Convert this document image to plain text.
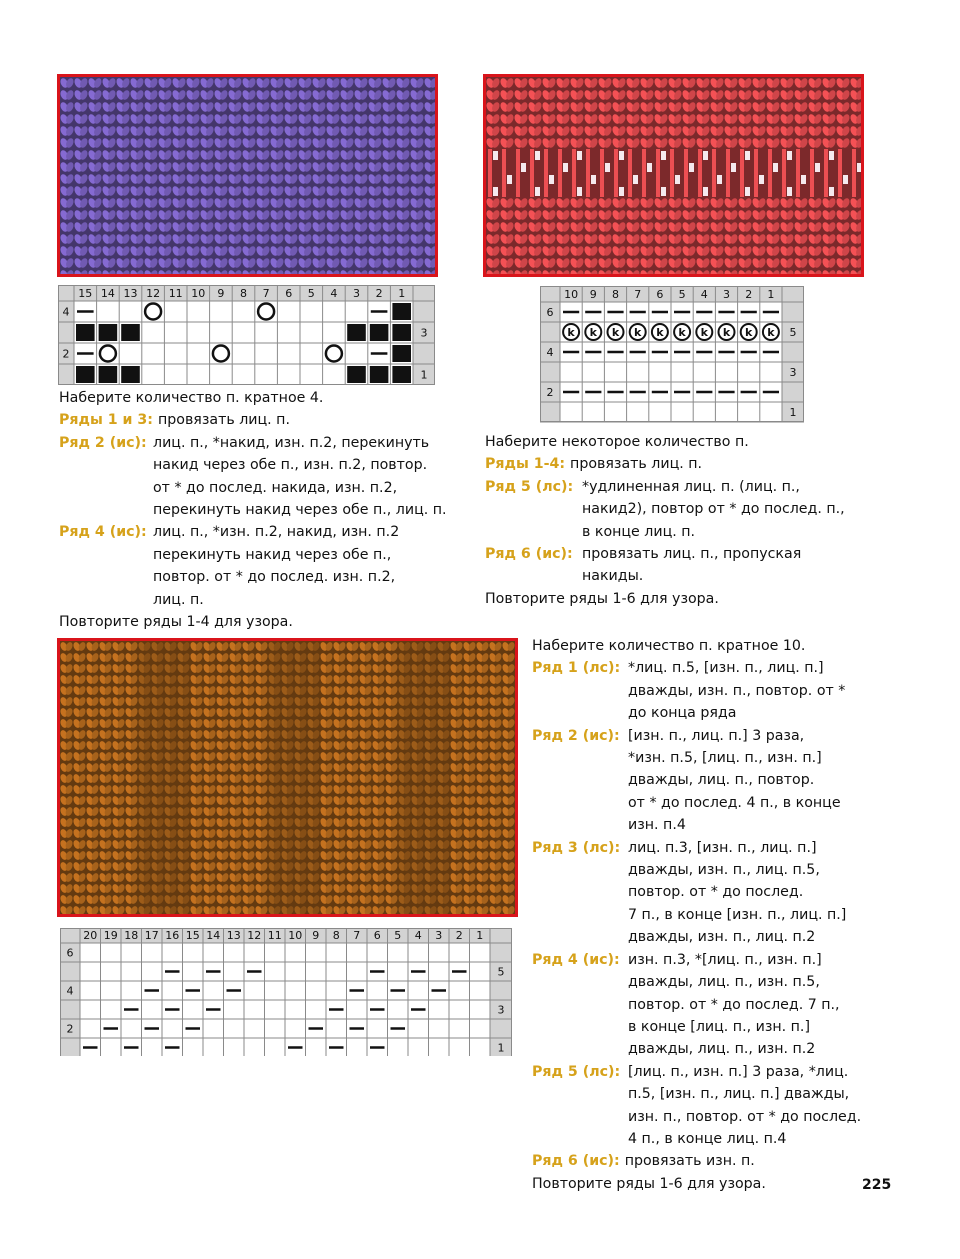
15 14 13 12 11 10 9 8 7 6 5 4 3 2 1
4
3
2
1
10 9 8 7 6 5 4 3 2 1
6
5
k k k k k k k k k k
4
3
2
1
20 19 18 17 16 15 14 13 12 11 10 9 8 7 6 5 4 3 2 1
6
5
4
3
2
1
Наберите количество п. кратное 4.
Ряды 1 и 3: провязать лиц. п.
Ряд 2 (ис): лиц. п., *накид, изн. п.2, перекинуть
накид через обе п., изн. п.2, повтор.
от * до послед. накида, изн. п.2,
перекинуть накид через обе п., лиц. п.
Ряд 4 (ис): лиц. п., *изн. п.2, накид, изн. п.2
перекинуть накид через обе п.,
повтор. от * до послед. изн. п.2,
лиц. п.
Повторите ряды 1-4 для узора.
Наберите некоторое количество п.
Ряды 1-4: провязать лиц. п.
Ряд 5 (лс): *удлиненная лиц. п. (лиц. п.,
накид2), повтор от * до послед. п.,
в конце лиц. п.
Ряд 6 (ис): провязать лиц. п., пропуская
накиды.
Повторите ряды 1-6 для узора.
Наберите количество п. кратное 10.
Ряд 1 (лс): *лиц. п.5, [изн. п., лиц. п.]
дважды, изн. п., повтор. от *
до конца ряда
Ряд 2 (ис): [изн. п., лиц. п.] 3 раза,
*изн. п.5, [лиц. п., изн. п.]
дважды, лиц. п., повтор.
от * до послед. 4 п., в конце
изн. п.4
Ряд 3 (лс): лиц. п.3, [изн. п., лиц. п.]
дважды, изн. п., лиц. п.5,
повтор. от * до послед.
7 п., в конце [изн. п., лиц. п.]
дважды, изн. п., лиц. п.2
Ряд 4 (ис): изн. п.3, *[лиц. п., изн. п.]
дважды, лиц. п., изн. п.5,
повтор. от * до послед. 7 п.,
в конце [лиц. п., изн. п.]
дважды, лиц. п., изн. п.2
Ряд 5 (лс): [лиц. п., изн. п.] 3 раза, *лиц.
п.5, [изн. п., лиц. п.] дважды,
изн. п., повтор. от * до послед.
4 п., в конце лиц. п.4
Ряд 6 (ис): провязать изн. п.
Повторите ряды 1-6 для узора.	225
